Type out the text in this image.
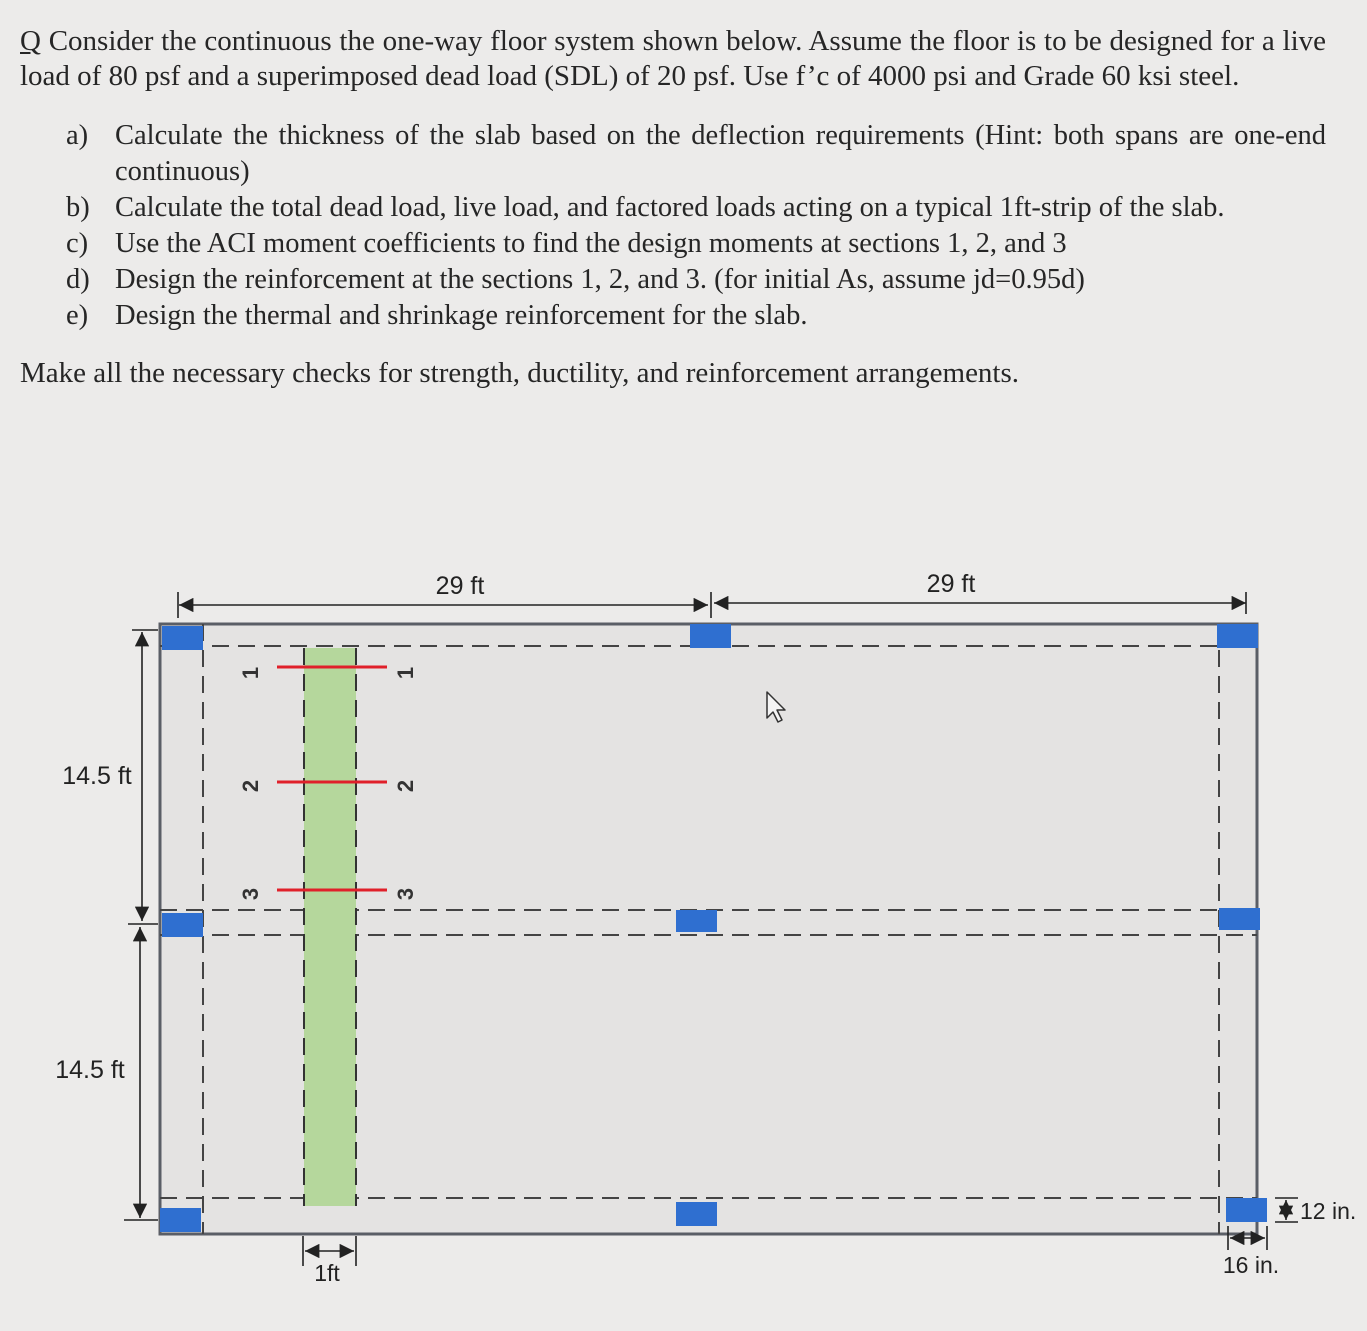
Q Consider the continuous the one-way floor system shown below. Assume the floor is to be designed for a live load of 80 psf and a superimposed dead load (SDL) of 20 psf. Use f’c of 4000 psi and Grade 60 ksi steel.

a) Calculate the thickness of the slab based on the deflection requirements (Hint: both spans are one-end continuous)
b) Calculate the total dead load, live load, and factored loads acting on a typical 1ft-strip of the slab.
c) Use the ACI moment coefficients to find the design moments at sections 1, 2, and 3
d) Design the reinforcement at the sections 1, 2, and 3. (for initial As, assume jd=0.95d)
e) Design the thermal and shrinkage reinforcement for the slab.

Make all the necessary checks for strength, ductility, and reinforcement arrangements.

1
2
3
1
2
3
29 ft	29 ft
14.5 ft
14.5 ft
1ft
12 in.
16 in.
